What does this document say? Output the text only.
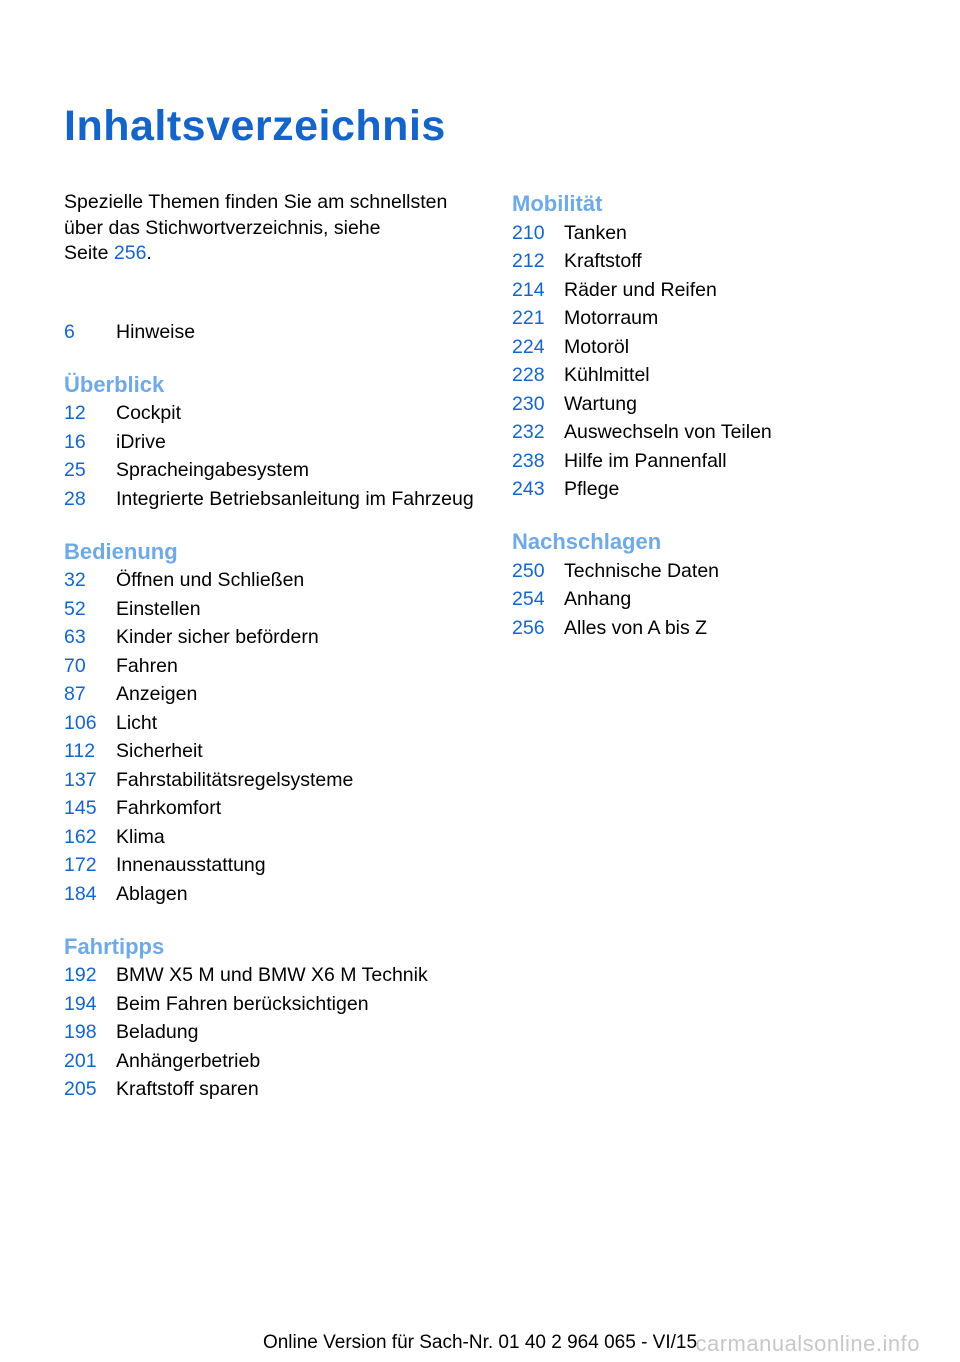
Inhaltsverzeichnis

Spezielle Themen finden Sie am schnellsten
über das Stichwortverzeichnis, siehe
Seite 256.

6	Hinweise
Überblick
12	Cockpit
16	iDrive
25	Spracheingabesystem
28	Integrierte Betriebsanleitung im Fahrzeug
Bedienung
32	Öffnen und Schließen
52	Einstellen
63	Kinder sicher befördern
70	Fahren
87	Anzeigen
106 Licht
112	Sicherheit
137 Fahrstabilitätsregelsysteme
145 Fahrkomfort
162 Klima
172 Innenausstattung
184 Ablagen
Fahrtipps
192 BMW X5 M und BMW X6 M Technik
194 Beim Fahren berücksichtigen
198 Beladung
201 Anhängerbetrieb
205 Kraftstoff sparen
Mobilität
210 Tanken
212 Kraftstoff
214 Räder und Reifen
221 Motorraum
224 Motoröl
228 Kühlmittel
230 Wartung
232 Auswechseln von Teilen
238 Hilfe im Pannenfall
243 Pflege
Nachschlagen
250 Technische Daten
254 Anhang
256 Alles von A bis Z
Online Version für Sach-Nr. 01 40 2 964 065 - VI/15
carmanualsonline.info
